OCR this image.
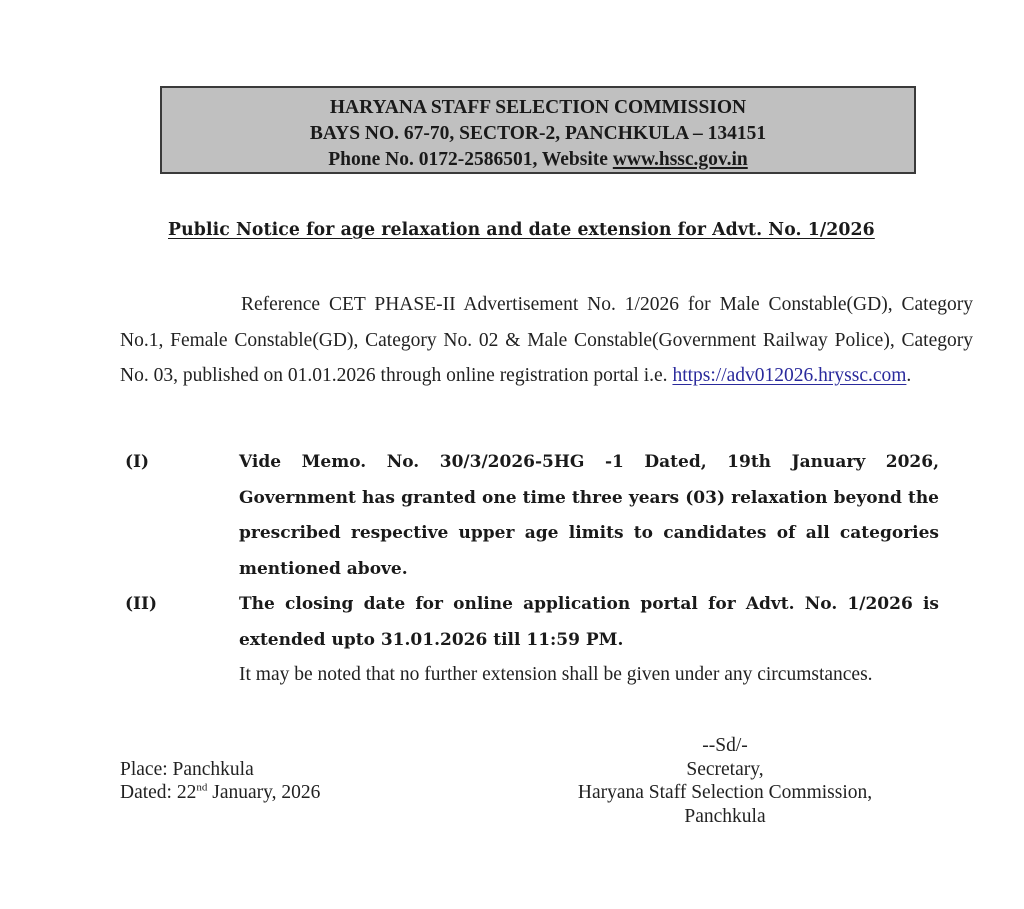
HARYANA STAFF SELECTION COMMISSION
BAYS NO. 67-70, SECTOR-2, PANCHKULA – 134151
Phone No. 0172-2586501, Website www.hssc.gov.in
Public Notice for age relaxation and date extension for Advt. No. 1/2026
Reference CET PHASE-II Advertisement No. 1/2026 for Male Constable(GD), Category No.1, Female Constable(GD), Category No. 02 & Male Constable(Government Railway Police), Category No. 03, published on 01.01.2026 through online registration portal i.e. https://adv012026.hryssc.com.
(I)	Vide Memo. No. 30/3/2026-5HG -1 Dated, 19th January 2026, Government has granted one time three years (03) relaxation beyond the prescribed respective upper age limits to candidates of all categories mentioned above.
(II)	The closing date for online application portal for Advt. No. 1/2026 is extended upto 31.01.2026 till 11:59 PM.
It may be noted that no further extension shall be given under any circumstances.
Place: Panchkula
Dated: 22nd January, 2026
--Sd/-
Secretary,
Haryana Staff Selection Commission,
Panchkula
